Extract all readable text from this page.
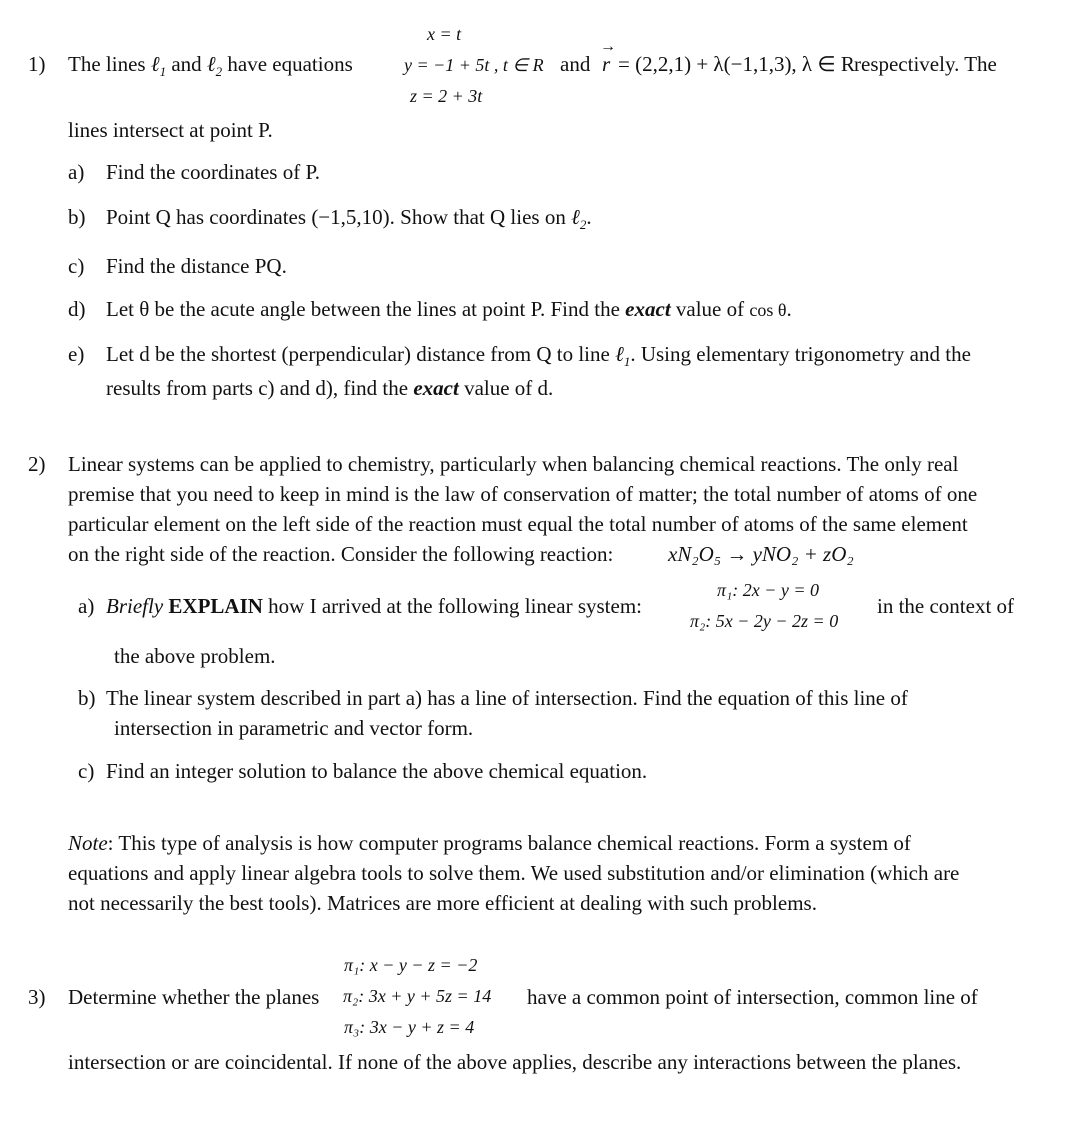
1) The lines ℓ$_1$ and ℓ$_2$ have equations
x = t
y = −1 + 5t , t ∈ R
z = 2 + 3t
and
→
r = (2,2,1) + λ(−1,1,3), λ ∈ R respectively. The
lines intersect at point P.
a) Find the coordinates of P.
b) Point Q has coordinates (−1,5,10). Show that Q lies on ℓ$_2$.
c) Find the distance PQ.
d) Let θ be the acute angle between the lines at point P. Find the exact value of cos θ.
e) Let d be the shortest (perpendicular) distance from Q to line ℓ$_1$. Using elementary trigonometry and the
results from parts c) and d), find the exact value of d.
2) Linear systems can be applied to chemistry, particularly when balancing chemical reactions. The only real
premise that you need to keep in mind is the law of conservation of matter; the total number of atoms of one
particular element on the left side of the reaction must equal the total number of atoms of the same element
on the right side of the reaction. Consider the following reaction:	xN₂O₅ → yNO₂ + zO₂
a) Briefly EXPLAIN how I arrived at the following linear system:
π₁: 2x − y = 0
π₂: 5x − 2y − 2z = 0
in the context of
the above problem.
b) The linear system described in part a) has a line of intersection. Find the equation of this line of
intersection in parametric and vector form.
c) Find an integer solution to balance the above chemical equation.
Note: This type of analysis is how computer programs balance chemical reactions. Form a system of
equations and apply linear algebra tools to solve them. We used substitution and/or elimination (which are
not necessarily the best tools). Matrices are more efficient at dealing with such problems.
π₁: x − y − z = −2
3) Determine whether the planes π₂: 3x + y + 5z = 14 have a common point of intersection, common line of
π₃: 3x − y + z = 4
intersection or are coincidental. If none of the above applies, describe any interactions between the planes.
